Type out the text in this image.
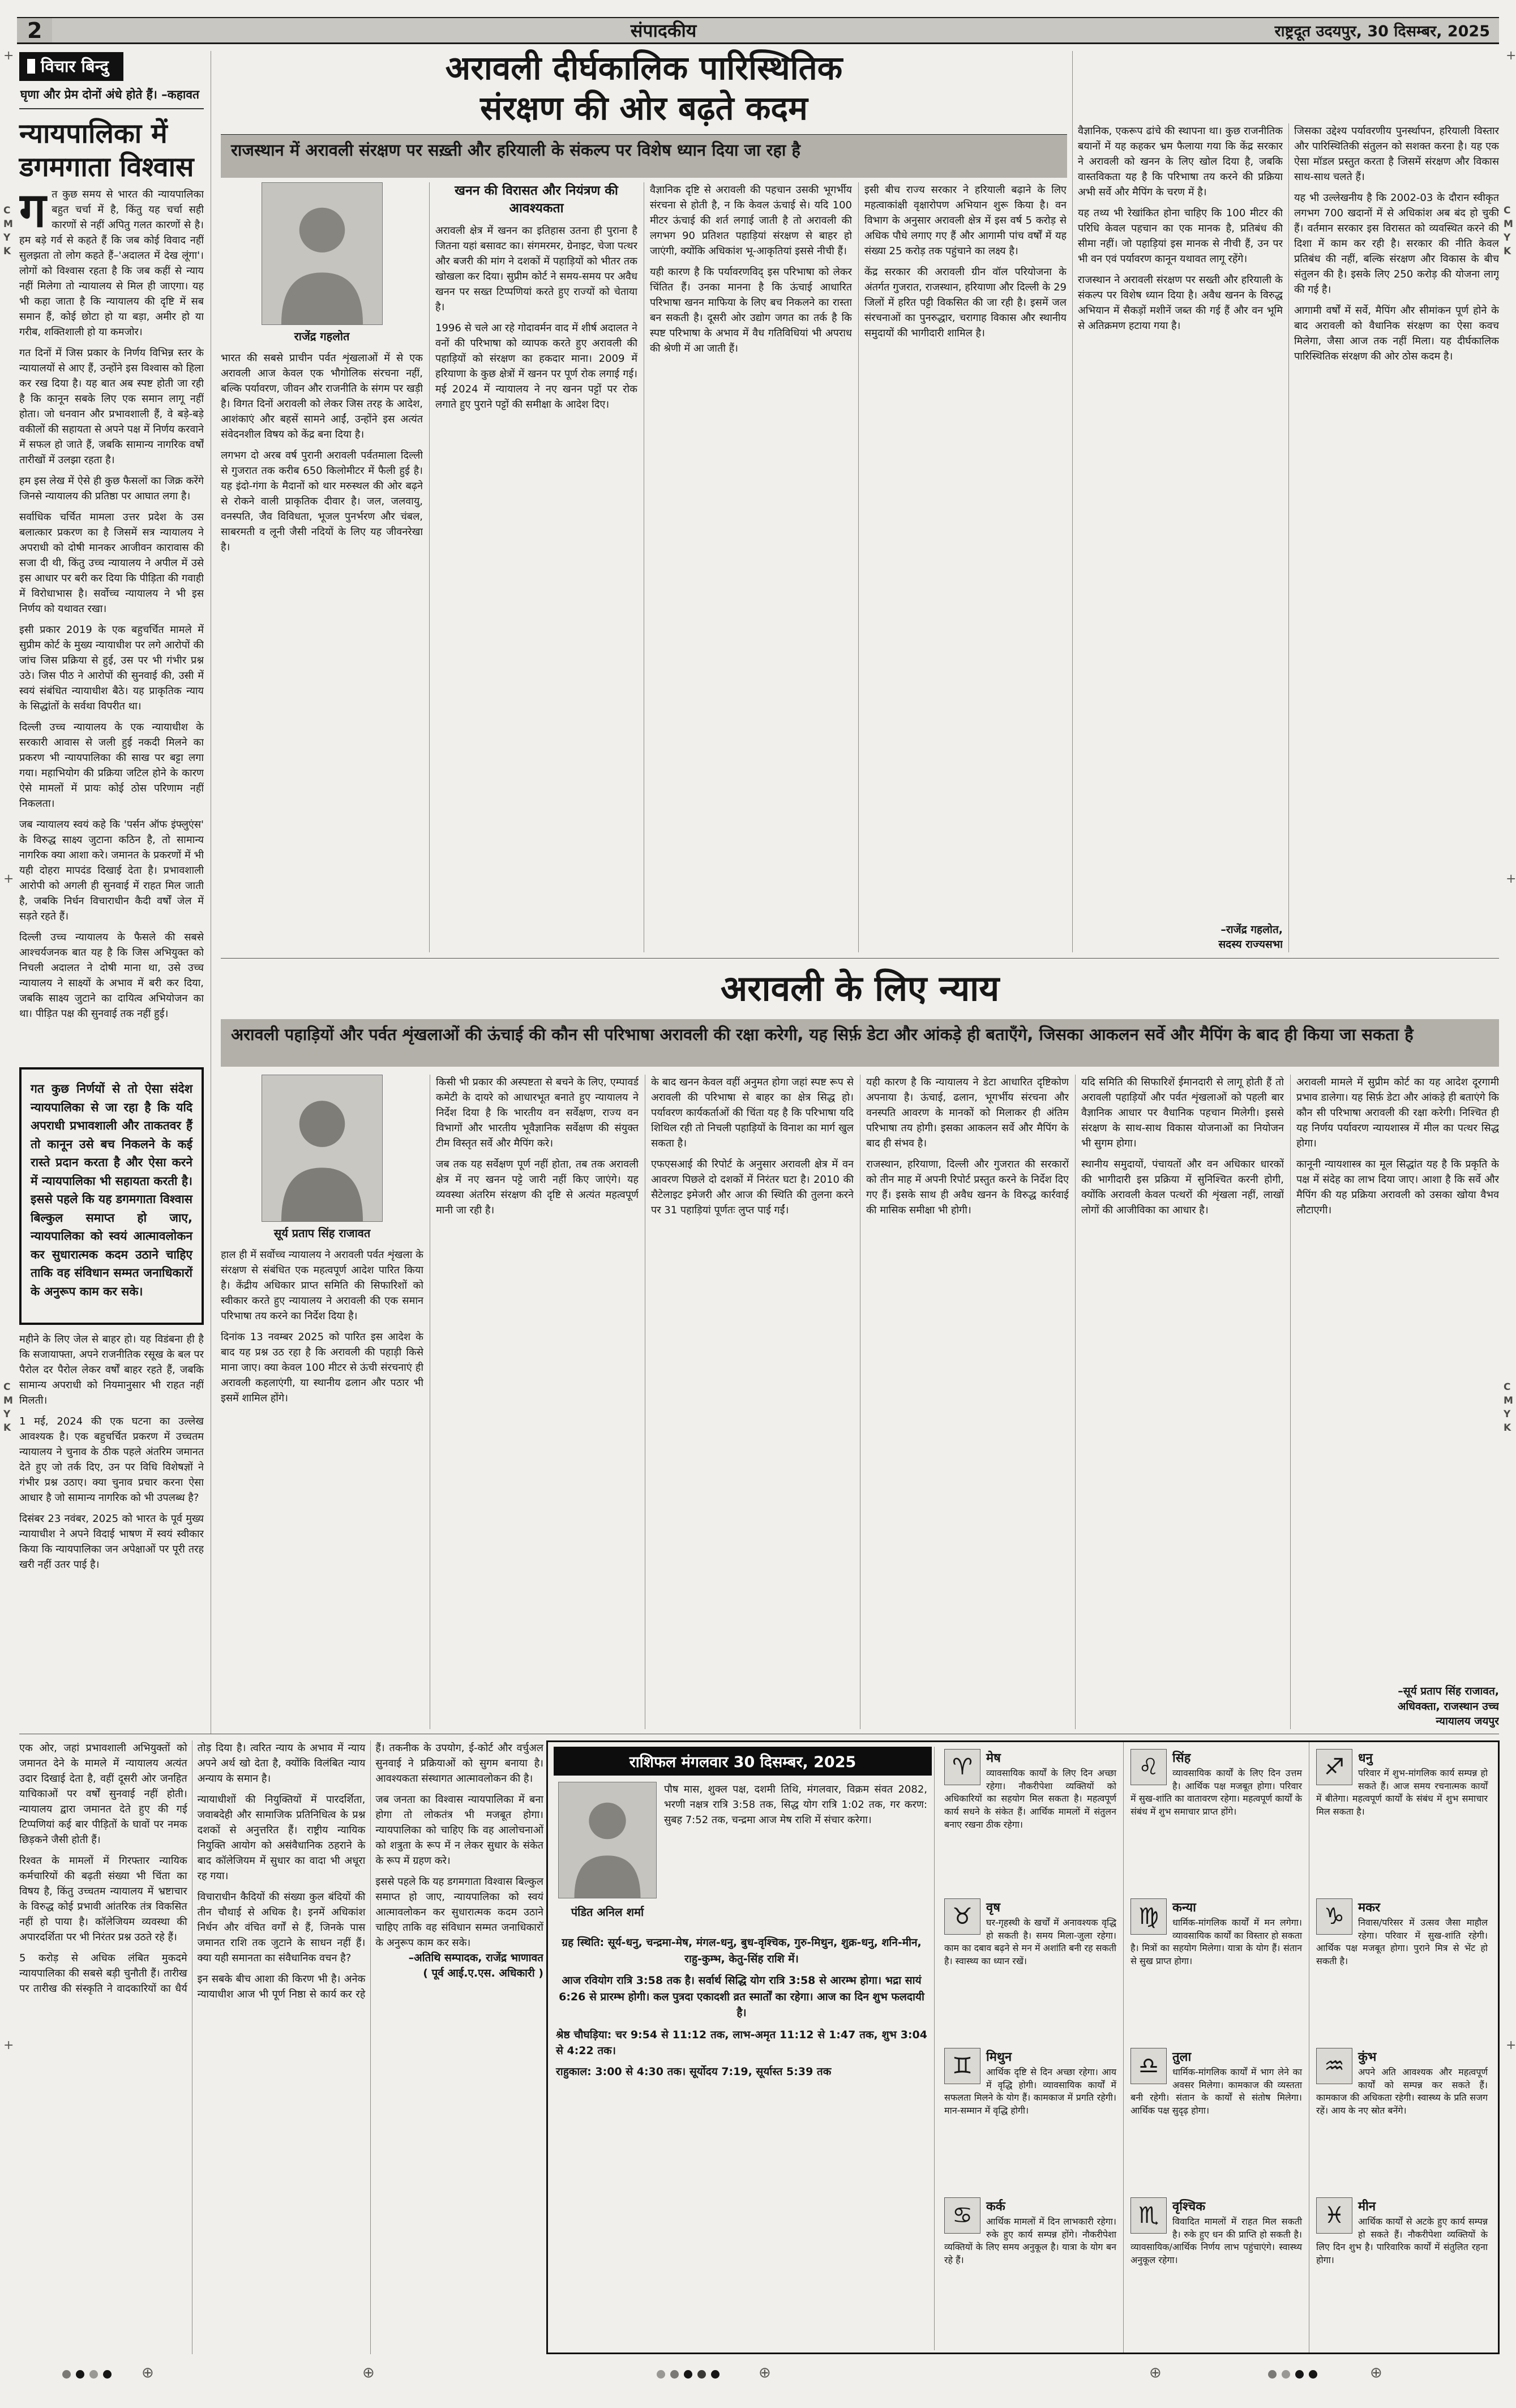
2	संपादकीय	राष्ट्रदूत उदयपुर, 30 दिसम्बर, 2025
C
M
Y
K
C
M
Y
K
C
M
Y
K
C
M
Y
K
+	+
+	+
+	+
विचार बिन्दु
घृणा और प्रेम दोनों अंधे होते हैं। –कहावत
न्यायपालिका में
डगमगाता विश्वास

गत कुछ समय से भारत की न्यायपालिका बहुत चर्चा में है, किंतु यह चर्चा सही कारणों से नहीं अपितु गलत कारणों से है। हम बड़े गर्व से कहते हैं कि जब कोई विवाद नहीं सुलझता तो लोग कहते हैं–'अदालत में देख लूंगा'। लोगों को विश्वास रहता है कि जब कहीं से न्याय नहीं मिलेगा तो न्यायालय से मिल ही जाएगा। यह भी कहा जाता है कि न्यायालय की दृष्टि में सब समान हैं, कोई छोटा हो या बड़ा, अमीर हो या गरीब, शक्तिशाली हो या कमजोर।

गत दिनों में जिस प्रकार के निर्णय विभिन्न स्तर के न्यायालयों से आए हैं, उन्होंने इस विश्वास को हिला कर रख दिया है। यह बात अब स्पष्ट होती जा रही है कि कानून सबके लिए एक समान लागू नहीं होता। जो धनवान और प्रभावशाली हैं, वे बड़े-बड़े वकीलों की सहायता से अपने पक्ष में निर्णय करवाने में सफल हो जाते हैं, जबकि सामान्य नागरिक वर्षों तारीखों में उलझा रहता है।

हम इस लेख में ऐसे ही कुछ फैसलों का जिक्र करेंगे जिनसे न्यायालय की प्रतिष्ठा पर आघात लगा है।

सर्वाधिक चर्चित मामला उत्तर प्रदेश के उस बलात्कार प्रकरण का है जिसमें सत्र न्यायालय ने अपराधी को दोषी मानकर आजीवन कारावास की सजा दी थी, किंतु उच्च न्यायालय ने अपील में उसे इस आधार पर बरी कर दिया कि पीड़िता की गवाही में विरोधाभास है। सर्वोच्च न्यायालय ने भी इस निर्णय को यथावत रखा।

इसी प्रकार 2019 के एक बहुचर्चित मामले में सुप्रीम कोर्ट के मुख्य न्यायाधीश पर लगे आरोपों की जांच जिस प्रक्रिया से हुई, उस पर भी गंभीर प्रश्न उठे। जिस पीठ ने आरोपों की सुनवाई की, उसी में स्वयं संबंधित न्यायाधीश बैठे। यह प्राकृतिक न्याय के सिद्धांतों के सर्वथा विपरीत था।

दिल्ली उच्च न्यायालय के एक न्यायाधीश के सरकारी आवास से जली हुई नकदी मिलने का प्रकरण भी न्यायपालिका की साख पर बट्टा लगा गया। महाभियोग की प्रक्रिया जटिल होने के कारण ऐसे मामलों में प्रायः कोई ठोस परिणाम नहीं निकलता।

जब न्यायालय स्वयं कहे कि 'पर्सन ऑफ इंफ्लुएंस' के विरुद्ध साक्ष्य जुटाना कठिन है, तो सामान्य नागरिक क्या आशा करे। जमानत के प्रकरणों में भी यही दोहरा मापदंड दिखाई देता है। प्रभावशाली आरोपी को अगली ही सुनवाई में राहत मिल जाती है, जबकि निर्धन विचाराधीन कैदी वर्षों जेल में सड़ते रहते हैं।

दिल्ली उच्च न्यायालय के फैसले की सबसे आश्चर्यजनक बात यह है कि जिस अभियुक्त को निचली अदालत ने दोषी माना था, उसे उच्च न्यायालय ने साक्ष्यों के अभाव में बरी कर दिया, जबकि साक्ष्य जुटाने का दायित्व अभियोजन का था। पीड़ित पक्ष की सुनवाई तक नहीं हुई।

गत कुछ निर्णयों से तो ऐसा संदेश न्यायपालिका से जा रहा है कि यदि अपराधी प्रभावशाली और ताकतवर हैं तो कानून उसे बच निकलने के कई रास्ते प्रदान करता है और ऐसा करने में न्यायपालिका भी सहायता करती है। इससे पहले कि यह डगमगाता विश्वास बिल्कुल समाप्त हो जाए, न्यायपालिका को स्वयं आत्मावलोकन कर सुधारात्मक कदम उठाने चाहिए ताकि वह संविधान सम्मत जनाधिकारों के अनुरूप काम कर सके।

महीने के लिए जेल से बाहर हो। यह विडंबना ही है कि सजायाफ्ता, अपने राजनीतिक रसूख के बल पर पैरोल दर पैरोल लेकर वर्षों बाहर रहते हैं, जबकि सामान्य अपराधी को नियमानुसार भी राहत नहीं मिलती।

1 मई, 2024 की एक घटना का उल्लेख आवश्यक है। एक बहुचर्चित प्रकरण में उच्चतम न्यायालय ने चुनाव के ठीक पहले अंतरिम जमानत देते हुए जो तर्क दिए, उन पर विधि विशेषज्ञों ने गंभीर प्रश्न उठाए। क्या चुनाव प्रचार करना ऐसा आधार है जो सामान्य नागरिक को भी उपलब्ध है?

दिसंबर 23 नवंबर, 2025 को भारत के पूर्व मुख्य न्यायाधीश ने अपने विदाई भाषण में स्वयं स्वीकार किया कि न्यायपालिका जन अपेक्षाओं पर पूरी तरह खरी नहीं उतर पाई है।

एक ओर, जहां प्रभावशाली अभियुक्तों को जमानत देने के मामले में न्यायालय अत्यंत उदार दिखाई देता है, वहीं दूसरी ओर जनहित याचिकाओं पर वर्षों सुनवाई नहीं होती। न्यायालय द्वारा जमानत देते हुए की गई टिप्पणियां कई बार पीड़ितों के घावों पर नमक छिड़कने जैसी होती हैं।

रिश्वत के मामलों में गिरफ्तार न्यायिक कर्मचारियों की बढ़ती संख्या भी चिंता का विषय है, किंतु उच्चतम न्यायालय में भ्रष्टाचार के विरुद्ध कोई प्रभावी आंतरिक तंत्र विकसित नहीं हो पाया है। कॉलेजियम व्यवस्था की अपारदर्शिता पर भी निरंतर प्रश्न उठते रहे हैं।

5 करोड़ से अधिक लंबित मुकदमे न्यायपालिका की सबसे बड़ी चुनौती हैं। तारीख पर तारीख की संस्कृति ने वादकारियों का धैर्य तोड़ दिया है। त्वरित न्याय के अभाव में न्याय अपने अर्थ खो देता है, क्योंकि विलंबित न्याय अन्याय के समान है।

न्यायाधीशों की नियुक्तियों में पारदर्शिता, जवाबदेही और सामाजिक प्रतिनिधित्व के प्रश्न दशकों से अनुत्तरित हैं। राष्ट्रीय न्यायिक नियुक्ति आयोग को असंवैधानिक ठहराने के बाद कॉलेजियम में सुधार का वादा भी अधूरा रह गया।

विचाराधीन कैदियों की संख्या कुल बंदियों की तीन चौथाई से अधिक है। इनमें अधिकांश निर्धन और वंचित वर्गों से हैं, जिनके पास जमानत राशि तक जुटाने के साधन नहीं हैं। क्या यही समानता का संवैधानिक वचन है?

इन सबके बीच आशा की किरण भी है। अनेक न्यायाधीश आज भी पूर्ण निष्ठा से कार्य कर रहे हैं। तकनीक के उपयोग, ई-कोर्ट और वर्चुअल सुनवाई ने प्रक्रियाओं को सुगम बनाया है। आवश्यकता संस्थागत आत्मावलोकन की है।

जब जनता का विश्वास न्यायपालिका में बना होगा तो लोकतंत्र भी मजबूत होगा। न्यायपालिका को चाहिए कि वह आलोचनाओं को शत्रुता के रूप में न लेकर सुधार के संकेत के रूप में ग्रहण करे।

इससे पहले कि यह डगमगाता विश्वास बिल्कुल समाप्त हो जाए, न्यायपालिका को स्वयं आत्मावलोकन कर सुधारात्मक कदम उठाने चाहिए ताकि वह संविधान सम्मत जनाधिकारों के अनुरूप काम कर सके।

–अतिथि सम्पादक, राजेंद्र भाणावत
( पूर्व आई.ए.एस. अधिकारी )
अरावली दीर्घकालिक पारिस्थितिक
संरक्षण की ओर बढ़ते कदम
राजस्थान में अरावली संरक्षण पर सख़्ती और हरियाली के संकल्प पर विशेष ध्यान दिया जा रहा है
राजेंद्र गहलोत

भारत की सबसे प्राचीन पर्वत शृंखलाओं में से एक अरावली आज केवल एक भौगोलिक संरचना नहीं, बल्कि पर्यावरण, जीवन और राजनीति के संगम पर खड़ी है। विगत दिनों अरावली को लेकर जिस तरह के आदेश, आशंकाएं और बहसें सामने आईं, उन्होंने इस अत्यंत संवेदनशील विषय को केंद्र बना दिया है।

लगभग दो अरब वर्ष पुरानी अरावली पर्वतमाला दिल्ली से गुजरात तक करीब 650 किलोमीटर में फैली हुई है। यह इंदो-गंगा के मैदानों को थार मरुस्थल की ओर बढ़ने से रोकने वाली प्राकृतिक दीवार है। जल, जलवायु, वनस्पति, जैव विविधता, भूजल पुनर्भरण और चंबल, साबरमती व लूनी जैसी नदियों के लिए यह जीवनरेखा है।

खनन की विरासत और नियंत्रण की आवश्यकता

अरावली क्षेत्र में खनन का इतिहास उतना ही पुराना है जितना यहां बसावट का। संगमरमर, ग्रेनाइट, चेजा पत्थर और बजरी की मांग ने दशकों में पहाड़ियों को भीतर तक खोखला कर दिया। सुप्रीम कोर्ट ने समय-समय पर अवैध खनन पर सख्त टिप्पणियां करते हुए राज्यों को चेताया है।

1996 से चले आ रहे गोदावर्मन वाद में शीर्ष अदालत ने वनों की परिभाषा को व्यापक करते हुए अरावली की पहाड़ियों को संरक्षण का हकदार माना। 2009 में हरियाणा के कुछ क्षेत्रों में खनन पर पूर्ण रोक लगाई गई। मई 2024 में न्यायालय ने नए खनन पट्टों पर रोक लगाते हुए पुराने पट्टों की समीक्षा के आदेश दिए।

वैज्ञानिक दृष्टि से अरावली की पहचान उसकी भूगर्भीय संरचना से होती है, न कि केवल ऊंचाई से। यदि 100 मीटर ऊंचाई की शर्त लगाई जाती है तो अरावली की लगभग 90 प्रतिशत पहाड़ियां संरक्षण से बाहर हो जाएंगी, क्योंकि अधिकांश भू-आकृतियां इससे नीची हैं।

यही कारण है कि पर्यावरणविद् इस परिभाषा को लेकर चिंतित हैं। उनका मानना है कि ऊंचाई आधारित परिभाषा खनन माफिया के लिए बच निकलने का रास्ता बन सकती है। दूसरी ओर उद्योग जगत का तर्क है कि स्पष्ट परिभाषा के अभाव में वैध गतिविधियां भी अपराध की श्रेणी में आ जाती हैं।

इसी बीच राज्य सरकार ने हरियाली बढ़ाने के लिए महत्वाकांक्षी वृक्षारोपण अभियान शुरू किया है। वन विभाग के अनुसार अरावली क्षेत्र में इस वर्ष 5 करोड़ से अधिक पौधे लगाए गए हैं और आगामी पांच वर्षों में यह संख्या 25 करोड़ तक पहुंचाने का लक्ष्य है।

केंद्र सरकार की अरावली ग्रीन वॉल परियोजना के अंतर्गत गुजरात, राजस्थान, हरियाणा और दिल्ली के 29 जिलों में हरित पट्टी विकसित की जा रही है। इसमें जल संरचनाओं का पुनरुद्धार, चरागाह विकास और स्थानीय समुदायों की भागीदारी शामिल है।

वैज्ञानिक, एकरूप ढांचे की स्थापना था। कुछ राजनीतिक बयानों में यह कहकर भ्रम फैलाया गया कि केंद्र सरकार ने अरावली को खनन के लिए खोल दिया है, जबकि वास्तविकता यह है कि परिभाषा तय करने की प्रक्रिया अभी सर्वे और मैपिंग के चरण में है।

यह तथ्य भी रेखांकित होना चाहिए कि 100 मीटर की परिधि केवल पहचान का एक मानक है, प्रतिबंध की सीमा नहीं। जो पहाड़ियां इस मानक से नीची हैं, उन पर भी वन एवं पर्यावरण कानून यथावत लागू रहेंगे।

राजस्थान ने अरावली संरक्षण पर सख्ती और हरियाली के संकल्प पर विशेष ध्यान दिया है। अवैध खनन के विरुद्ध अभियान में सैकड़ों मशीनें जब्त की गई हैं और वन भूमि से अतिक्रमण हटाया गया है।

–राजेंद्र गहलोत,
सदस्य राज्यसभा

जिसका उद्देश्य पर्यावरणीय पुनर्स्थापन, हरियाली विस्तार और पारिस्थितिकी संतुलन को सशक्त करना है। यह एक ऐसा मॉडल प्रस्तुत करता है जिसमें संरक्षण और विकास साथ-साथ चलते हैं।

यह भी उल्लेखनीय है कि 2002-03 के दौरान स्वीकृत लगभग 700 खदानों में से अधिकांश अब बंद हो चुकी हैं। वर्तमान सरकार इस विरासत को व्यवस्थित करने की दिशा में काम कर रही है। सरकार की नीति केवल प्रतिबंध की नहीं, बल्कि संरक्षण और विकास के बीच संतुलन की है। इसके लिए 250 करोड़ की योजना लागू की गई है।

आगामी वर्षों में सर्वे, मैपिंग और सीमांकन पूर्ण होने के बाद अरावली को वैधानिक संरक्षण का ऐसा कवच मिलेगा, जैसा आज तक नहीं मिला। यह दीर्घकालिक पारिस्थितिक संरक्षण की ओर ठोस कदम है।

अरावली के लिए न्याय
अरावली पहाड़ियों और पर्वत शृंखलाओं की ऊंचाई की कौन सी परिभाषा अरावली की रक्षा करेगी, यह सिर्फ़ डेटा और आंकड़े ही बताएँगे, जिसका आकलन सर्वे और मैपिंग के बाद ही किया जा सकता है
सूर्य प्रताप सिंह राजावत

हाल ही में सर्वोच्च न्यायालय ने अरावली पर्वत शृंखला के संरक्षण से संबंधित एक महत्वपूर्ण आदेश पारित किया है। केंद्रीय अधिकार प्राप्त समिति की सिफारिशों को स्वीकार करते हुए न्यायालय ने अरावली की एक समान परिभाषा तय करने का निर्देश दिया है।

दिनांक 13 नवम्बर 2025 को पारित इस आदेश के बाद यह प्रश्न उठ रहा है कि अरावली की पहाड़ी किसे माना जाए। क्या केवल 100 मीटर से ऊंची संरचनाएं ही अरावली कहलाएंगी, या स्थानीय ढलान और पठार भी इसमें शामिल होंगे।

किसी भी प्रकार की अस्पष्टता से बचने के लिए, एम्पावर्ड कमेटी के दायरे को आधारभूत बनाते हुए न्यायालय ने निर्देश दिया है कि भारतीय वन सर्वेक्षण, राज्य वन विभागों और भारतीय भूवैज्ञानिक सर्वेक्षण की संयुक्त टीम विस्तृत सर्वे और मैपिंग करे।

जब तक यह सर्वेक्षण पूर्ण नहीं होता, तब तक अरावली क्षेत्र में नए खनन पट्टे जारी नहीं किए जाएंगे। यह व्यवस्था अंतरिम संरक्षण की दृष्टि से अत्यंत महत्वपूर्ण मानी जा रही है।

के बाद खनन केवल वहीं अनुमत होगा जहां स्पष्ट रूप से अरावली की परिभाषा से बाहर का क्षेत्र सिद्ध हो। पर्यावरण कार्यकर्ताओं की चिंता यह है कि परिभाषा यदि शिथिल रही तो निचली पहाड़ियों के विनाश का मार्ग खुल सकता है।

एफएसआई की रिपोर्ट के अनुसार अरावली क्षेत्र में वन आवरण पिछले दो दशकों में निरंतर घटा है। 2010 की सैटेलाइट इमेजरी और आज की स्थिति की तुलना करने पर 31 पहाड़ियां पूर्णतः लुप्त पाई गईं।

यही कारण है कि न्यायालय ने डेटा आधारित दृष्टिकोण अपनाया है। ऊंचाई, ढलान, भूगर्भीय संरचना और वनस्पति आवरण के मानकों को मिलाकर ही अंतिम परिभाषा तय होगी। इसका आकलन सर्वे और मैपिंग के बाद ही संभव है।

राजस्थान, हरियाणा, दिल्ली और गुजरात की सरकारों को तीन माह में अपनी रिपोर्ट प्रस्तुत करने के निर्देश दिए गए हैं। इसके साथ ही अवैध खनन के विरुद्ध कार्रवाई की मासिक समीक्षा भी होगी।

यदि समिति की सिफारिशें ईमानदारी से लागू होती हैं तो अरावली पहाड़ियों और पर्वत शृंखलाओं को पहली बार वैज्ञानिक आधार पर वैधानिक पहचान मिलेगी। इससे संरक्षण के साथ-साथ विकास योजनाओं का नियोजन भी सुगम होगा।

स्थानीय समुदायों, पंचायतों और वन अधिकार धारकों की भागीदारी इस प्रक्रिया में सुनिश्चित करनी होगी, क्योंकि अरावली केवल पत्थरों की शृंखला नहीं, लाखों लोगों की आजीविका का आधार है।

अरावली मामले में सुप्रीम कोर्ट का यह आदेश दूरगामी प्रभाव डालेगा। यह सिर्फ़ डेटा और आंकड़े ही बताएंगे कि कौन सी परिभाषा अरावली की रक्षा करेगी। निश्चित ही यह निर्णय पर्यावरण न्यायशास्त्र में मील का पत्थर सिद्ध होगा।

कानूनी न्यायशास्त्र का मूल सिद्धांत यह है कि प्रकृति के पक्ष में संदेह का लाभ दिया जाए। आशा है कि सर्वे और मैपिंग की यह प्रक्रिया अरावली को उसका खोया वैभव लौटाएगी।

–सूर्य प्रताप सिंह राजावत,
अधिवक्ता, राजस्थान उच्च
न्यायालय जयपुर
राशिफल मंगलवार 30 दिसम्बर, 2025
पंडित अनिल शर्मा

पौष मास, शुक्ल पक्ष, दशमी तिथि, मंगलवार, विक्रम संवत 2082, भरणी नक्षत्र रात्रि 3:58 तक, सिद्ध योग रात्रि 1:02 तक, गर करण: सुबह 7:52 तक, चन्द्रमा आज मेष राशि में संचार करेगा।

ग्रह स्थिति: सूर्य-धनु, चन्द्रमा-मेष, मंगल-धनु, बुध-वृश्चिक, गुरु-मिथुन, शुक्र-धनु, शनि-मीन, राहु-कुम्भ, केतु-सिंह राशि में।
आज रवियोग रात्रि 3:58 तक है। सर्वार्थ सिद्धि योग रात्रि 3:58 से आरम्भ होगा। भद्रा सायं 6:26 से प्रारम्भ होगी। कल पुत्रदा एकादशी व्रत स्मार्तों का रहेगा। आज का दिन शुभ फलदायी है।
श्रेष्ठ चौघड़िया: चर 9:54 से 11:12 तक, लाभ-अमृत 11:12 से 1:47 तक, शुभ 3:04 से 4:22 तक।
राहुकाल: 3:00 से 4:30 तक। सूर्योदय 7:19, सूर्यास्त 5:39 तक
♈	मेष

व्यावसायिक कार्यों के लिए दिन अच्छा रहेगा। नौकरीपेशा व्यक्तियों को अधिकारियों का सहयोग मिल सकता है। महत्वपूर्ण कार्य सधने के संकेत हैं। आर्थिक मामलों में संतुलन बनाए रखना ठीक रहेगा।

♉	वृष

घर-गृहस्थी के खर्चों में अनावश्यक वृद्धि हो सकती है। समय मिला-जुला रहेगा। काम का दबाव बढ़ने से मन में अशांति बनी रह सकती है। स्वास्थ्य का ध्यान रखें।

♊	मिथुन

आर्थिक दृष्टि से दिन अच्छा रहेगा। आय में वृद्धि होगी। व्यावसायिक कार्यों में सफलता मिलने के योग हैं। कामकाज में प्रगति रहेगी। मान-सम्मान में वृद्धि होगी।

♋	कर्क

आर्थिक मामलों में दिन लाभकारी रहेगा। रुके हुए कार्य सम्पन्न होंगे। नौकरीपेशा व्यक्तियों के लिए समय अनुकूल है। यात्रा के योग बन रहे हैं।

♌	सिंह

व्यावसायिक कार्यों के लिए दिन उत्तम है। आर्थिक पक्ष मजबूत होगा। परिवार में सुख-शांति का वातावरण रहेगा। महत्वपूर्ण कार्यों के संबंध में शुभ समाचार प्राप्त होंगे।

♍	कन्या

धार्मिक-मांगलिक कार्यों में मन लगेगा। व्यावसायिक कार्यों का विस्तार हो सकता है। मित्रों का सहयोग मिलेगा। यात्रा के योग हैं। संतान से सुख प्राप्त होगा।

♎	तुला

धार्मिक-मांगलिक कार्यों में भाग लेने का अवसर मिलेगा। कामकाज की व्यस्तता बनी रहेगी। संतान के कार्यों से संतोष मिलेगा। आर्थिक पक्ष सुदृढ़ होगा।

♏	वृश्चिक

विवादित मामलों में राहत मिल सकती है। रुके हुए धन की प्राप्ति हो सकती है। व्यावसायिक/आर्थिक निर्णय लाभ पहुंचाएंगे। स्वास्थ्य अनुकूल रहेगा।

♐	धनु

परिवार में शुभ-मांगलिक कार्य सम्पन्न हो सकते हैं। आज समय रचनात्मक कार्यों में बीतेगा। महत्वपूर्ण कार्यों के संबंध में शुभ समाचार मिल सकता है।

♑	मकर

निवास/परिसर में उत्सव जैसा माहौल रहेगा। परिवार में सुख-शांति रहेगी। आर्थिक पक्ष मजबूत होगा। पुराने मित्र से भेंट हो सकती है।

♒	कुंभ

अपने अति आवश्यक और महत्वपूर्ण कार्यों को सम्पन्न कर सकते हैं। कामकाज की अधिकता रहेगी। स्वास्थ्य के प्रति सजग रहें। आय के नए स्रोत बनेंगे।

♓	मीन

आर्थिक कार्यों से अटके हुए कार्य सम्पन्न हो सकते हैं। नौकरीपेशा व्यक्तियों के लिए दिन शुभ है। पारिवारिक कार्यों में संतुलित रहना होगा।

⊕	⊕	⊕	⊕	⊕
